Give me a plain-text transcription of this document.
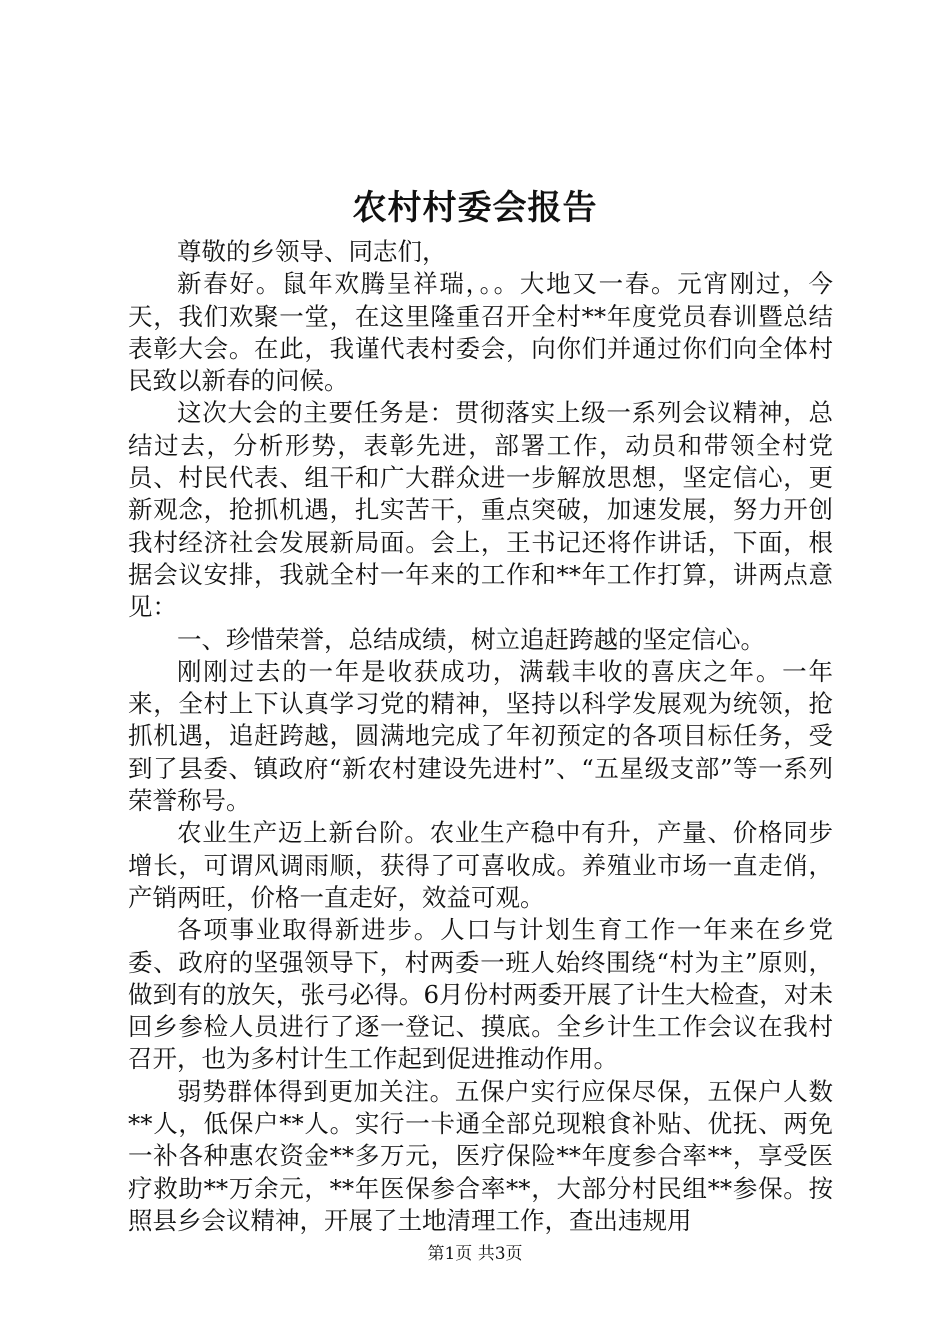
农村村委会报告

尊敬的乡领导、同志们，

新春好。鼠年欢腾呈祥瑞，。。大地又一春。元宵刚过，今天，我们欢聚一堂，在这里隆重召开全村**年度党员春训暨总结表彰大会。在此，我谨代表村委会，向你们并通过你们向全体村民致以新春的问候。

这次大会的主要任务是：贯彻落实上级一系列会议精神，总结过去，分析形势，表彰先进，部署工作，动员和带领全村党员、村民代表、组干和广大群众进一步解放思想，坚定信心，更新观念，抢抓机遇，扎实苦干，重点突破，加速发展，努力开创我村经济社会发展新局面。会上，王书记还将作讲话，下面，根据会议安排，我就全村一年来的工作和**年工作打算，讲两点意见：

一、珍惜荣誉，总结成绩，树立追赶跨越的坚定信心。

刚刚过去的一年是收获成功，满载丰收的喜庆之年。一年来，全村上下认真学习党的精神，坚持以科学发展观为统领，抢抓机遇，追赶跨越，圆满地完成了年初预定的各项目标任务，受到了县委、镇政府“新农村建设先进村”、“五星级支部”等一系列荣誉称号。

农业生产迈上新台阶。农业生产稳中有升，产量、价格同步增长，可谓风调雨顺，获得了可喜收成。养殖业市场一直走俏，产销两旺，价格一直走好，效益可观。

各项事业取得新进步。人口与计划生育工作一年来在乡党委、政府的坚强领导下，村两委一班人始终围绕“村为主”原则，做到有的放矢，张弓必得。6月份村两委开展了计生大检查，对未回乡参检人员进行了逐一登记、摸底。全乡计生工作会议在我村召开，也为多村计生工作起到促进推动作用。

弱势群体得到更加关注。五保户实行应保尽保，五保户人数**人，低保户**人。实行一卡通全部兑现粮食补贴、优抚、两免一补各种惠农资金**多万元，医疗保险**年度参合率**，享受医疗救助**万余元，**年医保参合率**，大部分村民组**参保。按照县乡会议精神，开展了土地清理工作，查出违规用

第1页 共3页
